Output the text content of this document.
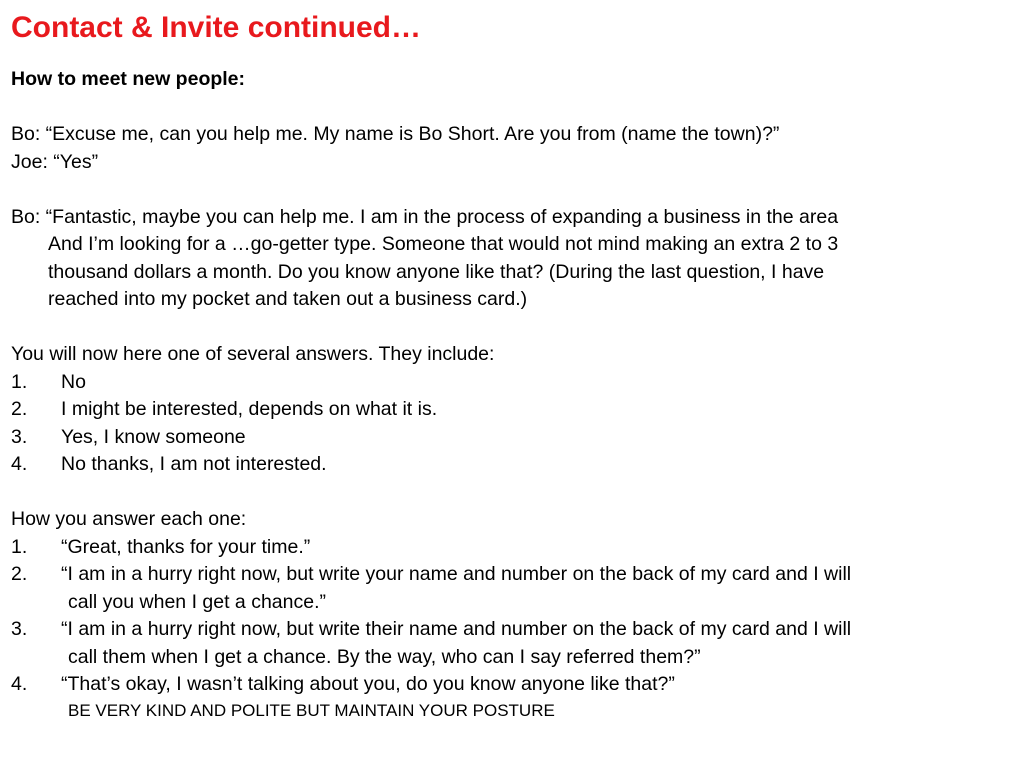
Contact & Invite continued…
How to meet new people:
Bo: “Excuse me, can you help me. My name is Bo Short. Are you from (name the town)?”
Joe: “Yes”
Bo: “Fantastic, maybe you can help me. I am in the process of expanding a business in the area
And I’m looking for a …go-getter type. Someone that would not mind making an extra 2 to 3
thousand dollars a month. Do you know anyone like that? (During the last question, I have
reached into my pocket and taken out a business card.)
You will now here one of several answers. They include:
1.	No
2.	I might be interested, depends on what it is.
3.	Yes, I know someone
4.	No thanks, I am not interested.
How you answer each one:
1.	“Great, thanks for your time.”
2.	“I am in a hurry right now, but write your name and number on the back of my card and I will
call you when I get a chance.”
3.	“I am in a hurry right now, but write their name and number on the back of my card and I will
call them when I get a chance. By the way, who can I say referred them?”
4.	“That’s okay, I wasn’t talking about you, do you know anyone like that?”
BE VERY KIND AND POLITE BUT MAINTAIN YOUR POSTURE
